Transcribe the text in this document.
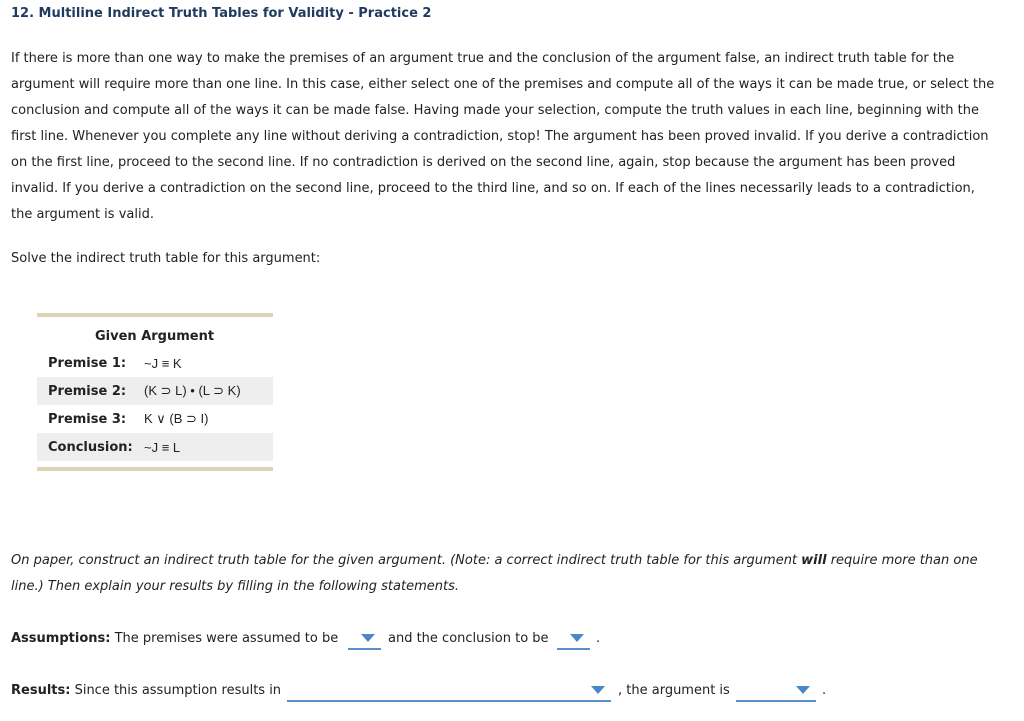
12. Multiline Indirect Truth Tables for Validity - Practice 2
If there is more than one way to make the premises of an argument true and the conclusion of the argument false, an indirect truth table for the
argument will require more than one line. In this case, either select one of the premises and compute all of the ways it can be made true, or select the
conclusion and compute all of the ways it can be made false. Having made your selection, compute the truth values in each line, beginning with the
first line. Whenever you complete any line without deriving a contradiction, stop! The argument has been proved invalid. If you derive a contradiction
on the first line, proceed to the second line. If no contradiction is derived on the second line, again, stop because the argument has been proved
invalid. If you derive a contradiction on the second line, proceed to the third line, and so on. If each of the lines necessarily leads to a contradiction,
the argument is valid.
Solve the indirect truth table for this argument:
Given Argument
Premise 1:	~J ≡ K
Premise 2:	(K ⊃ L) • (L ⊃ K)
Premise 3:	K ∨ (B ⊃ I)
Conclusion: ~J ≡ L
On paper, construct an indirect truth table for the given argument. (Note: a correct indirect truth table for this argument will require more than one
line.) Then explain your results by filling in the following statements.
Assumptions: The premises were assumed to be	and the conclusion to be	.
Results: Since this assumption results in	, the argument is	.
